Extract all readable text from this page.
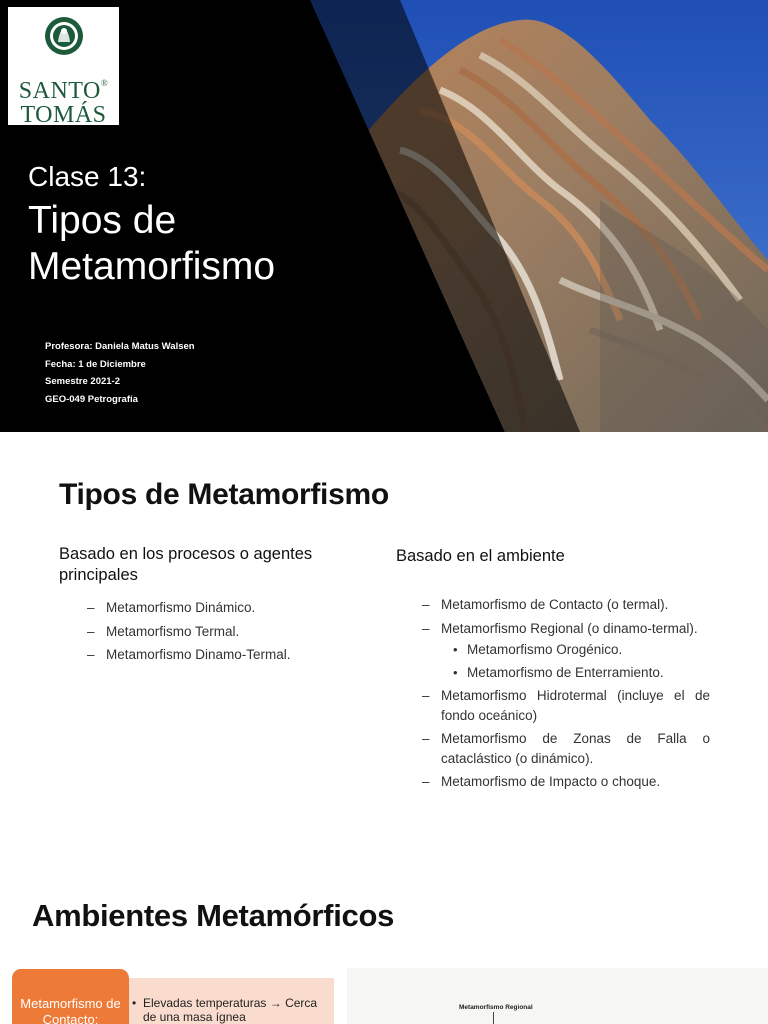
SANTO®
TOMÁS
Clase 13:
Tipos de
Metamorfismo
Profesora: Daniela Matus Walsen
Fecha: 1 de Diciembre
Semestre 2021-2
GEO-049 Petrografía
Tipos de Metamorfismo
Basado en los procesos o agentes principales
– Metamorfismo Dinámico.
– Metamorfismo Termal.
– Metamorfismo Dinamo-Termal.
Basado en el ambiente
– Metamorfismo de Contacto (o termal).
– Metamorfismo Regional (o dinamo-termal).
• Metamorfismo Orogénico.
• Metamorfismo de Enterramiento.
– Metamorfismo Hidrotermal (incluye el de fondo oceánico)
– Metamorfismo de Zonas de Falla o cataclástico (o dinámico).
– Metamorfismo de Impacto o choque.
Ambientes Metamórficos
• Elevadas temperaturas → Cerca de una masa ígnea
Metamorfismo de Contacto:
Metamorfismo Regional
